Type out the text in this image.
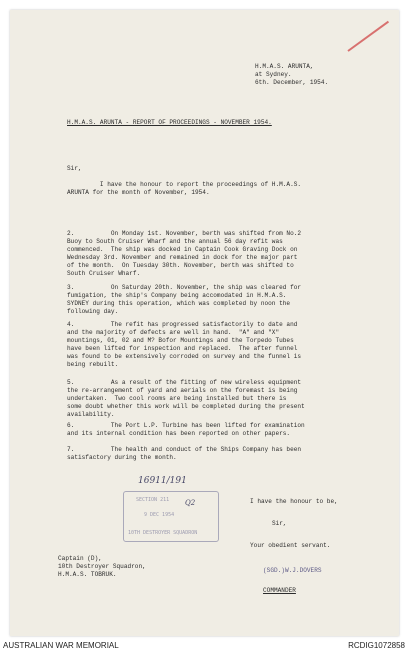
H.M.A.S. ARUNTA,
at Sydney.
6th. December, 1954.
H.M.A.S. ARUNTA - REPORT OF PROCEEDINGS - NOVEMBER 1954.
Sir,
I have the honour to report the proceedings of H.M.A.S.
ARUNTA for the month of November, 1954.
2.          On Monday 1st. November, berth was shifted from No.2
Buoy to South Cruiser Wharf and the annual 56 day refit was
commenced.  The ship was docked in Captain Cook Graving Dock on
Wednesday 3rd. November and remained in dock for the major part
of the month.  On Tuesday 30th. November, berth was shifted to
South Cruiser Wharf.
3.          On Saturday 20th. November, the ship was cleared for
fumigation, the ship's Company being accomodated in H.M.A.S.
SYDNEY during this operation, which was completed by noon the
following day.
4.          The refit has progressed satisfactorily to date and
and the majority of defects are well in hand.  "A" and "X"
mountings, 01, 02 and M? Bofor Mountings and the Torpedo Tubes
have been lifted for inspection and replaced.  The after funnel
was found to be extensively corroded on survey and the funnel is
being rebuilt.
5.          As a result of the fitting of new wireless equipment
the re-arrangement of yard and aerials on the foremast is being
undertaken.  Two cool rooms are being installed but there is
some doubt whether this work will be completed during the present
availability.
6.          The Port L.P. Turbine has been lifted for examination
and its internal condition has been reported on other papers.
7.          The health and conduct of the Ships Company has been
satisfactory during the month.
16911/191
SECTION 211
9 DEC 1954
10TH DESTROYER SQUADRON
Q2	I have the honour to be,
Sir,
Your obedient servant.
Captain (D),
10th Destroyer Squadron,
H.M.A.S. TOBRUK.
(SGD.)W.J.DOVERS
COMMANDER
AUSTRALIAN WAR MEMORIAL	RCDIG1072858
